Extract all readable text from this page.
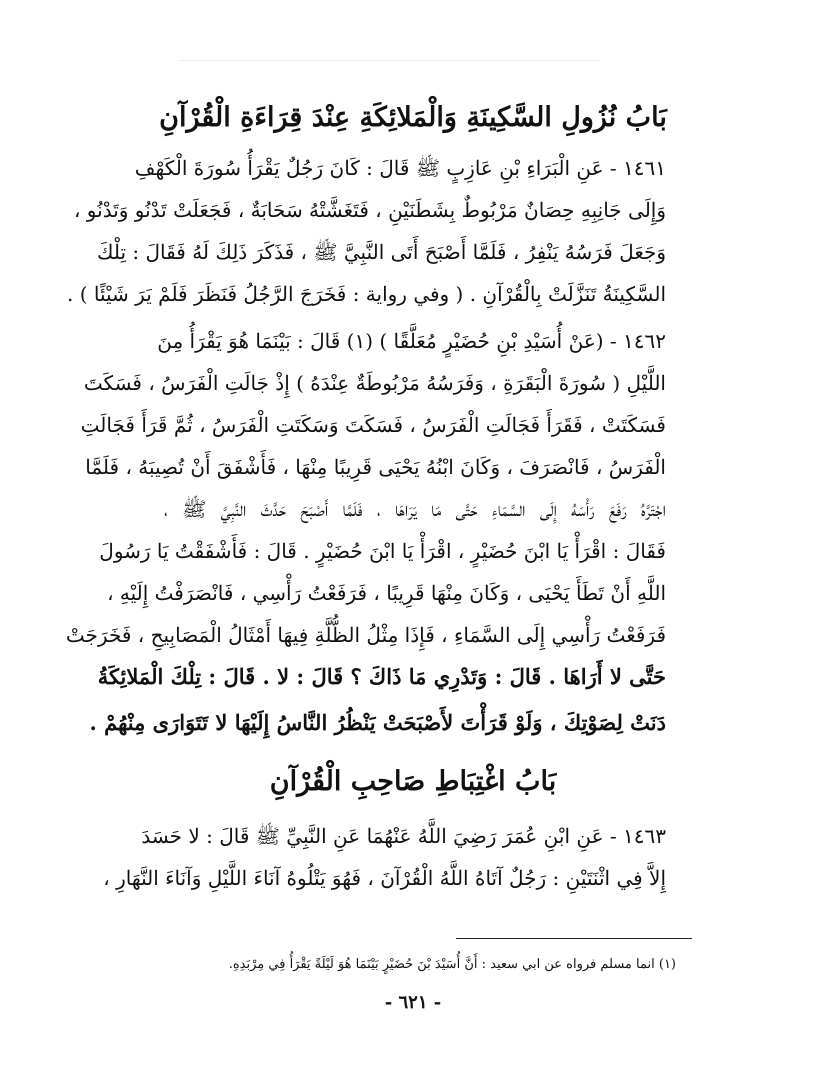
بَابُ نُزُولِ السَّكِينَةِ وَالْمَلائِكَةِ عِنْدَ قِرَاءَةِ الْقُرْآنِ
١٤٦١ - عَنِ الْبَرَاءِ بْنِ عَازِبٍ ﷺ قَالَ : كَانَ رَجُلٌ يَقْرَأُ سُورَةَ الْكَهْفِ
وَإِلَى جَانِبِهِ حِصَانٌ مَرْبُوطٌ بِشَطَنَيْنِ ، فَتَغَشَّتْهُ سَحَابَةٌ ، فَجَعَلَتْ تَدْنُو وَتَدْنُو ،
وَجَعَلَ فَرَسُهُ يَنْفِرُ ، فَلَمَّا أَصْبَحَ أَتَى النَّبِيَّ ﷺ ، فَذَكَرَ ذَلِكَ لَهُ فَقَالَ : تِلْكَ
السَّكِينَةُ تَنَزَّلَتْ بِالْقُرْآنِ . ( وفي رواية : فَخَرَجَ الرَّجُلُ فَنَظَرَ فَلَمْ يَرَ شَيْئًا ) .
١٤٦٢ - (عَنْ أُسَيْدِ بْنِ حُضَيْرٍ مُعَلَّقًا ) (١) قَالَ : بَيْنَمَا هُوَ يَقْرَأُ مِنَ
اللَّيْلِ ( سُورَةَ الْبَقَرَةِ ، وَفَرَسُهُ مَرْبُوطَةٌ عِنْدَهُ ) إِذْ جَالَتِ الْفَرَسُ ، فَسَكَتَ
فَسَكَتَتْ ، فَقَرَأَ فَجَالَتِ الْفَرَسُ ، فَسَكَتَ وَسَكَتَتِ الْفَرَسُ ، ثُمَّ قَرَأَ فَجَالَتِ
الْفَرَسُ ، فَانْصَرَفَ ، وَكَانَ ابْنُهُ يَحْيَى قَرِيبًا مِنْهَا ، فَأَشْفَقَ أَنْ تُصِيبَهُ ، فَلَمَّا
اجْتَرَّهُ رَفَعَ رَأْسَهُ إِلَى السَّمَاءِ حَتَّى مَا يَرَاهَا ، فَلَمَّا أَصْبَحَ حَدَّثَ النَّبِيَّ ﷺ ،
فَقَالَ : اقْرَأْ يَا ابْنَ حُضَيْرٍ ، اقْرَأْ يَا ابْنَ حُضَيْرٍ . قَالَ : فَأَشْفَقْتُ يَا رَسُولَ
اللَّهِ أَنْ تَطَأَ يَحْيَى ، وَكَانَ مِنْهَا قَرِيبًا ، فَرَفَعْتُ رَأْسِي ، فَانْصَرَفْتُ إِلَيْهِ ،
فَرَفَعْتُ رَأْسِي إِلَى السَّمَاءِ ، فَإِذَا مِثْلُ الظُّلَّةِ فِيهَا أَمْثَالُ الْمَصَابِيحِ ، فَخَرَجَتْ
حَتَّى لا أَرَاهَا . قَالَ : وَتَدْرِي مَا ذَاكَ ؟ قَالَ : لا . قَالَ : تِلْكَ الْمَلائِكَةُ
دَنَتْ لِصَوْتِكَ ، وَلَوْ قَرَأْتَ لأَصْبَحَتْ يَنْظُرُ النَّاسُ إِلَيْهَا لا تَتَوَارَى مِنْهُمْ .
بَابُ اغْتِبَاطِ صَاحِبِ الْقُرْآنِ
١٤٦٣ - عَنِ ابْنِ عُمَرَ رَضِيَ اللَّهُ عَنْهُمَا عَنِ النَّبِيِّ ﷺ قَالَ : لا حَسَدَ
إِلاَّ فِي اثْنَتَيْنِ : رَجُلٌ آتَاهُ اللَّهُ الْقُرْآنَ ، فَهُوَ يَتْلُوهُ آنَاءَ اللَّيْلِ وَآنَاءَ النَّهَارِ ،
(١) انما مسلم فرواه عن ابي سعيد : أَنَّ أُسَيْدَ بْنَ حُضَيْرٍ بَيْنَمَا هُوَ لَيْلَةً يَقْرَأُ فِي مِرْبَدِهِ.
- ٦٢١ -
